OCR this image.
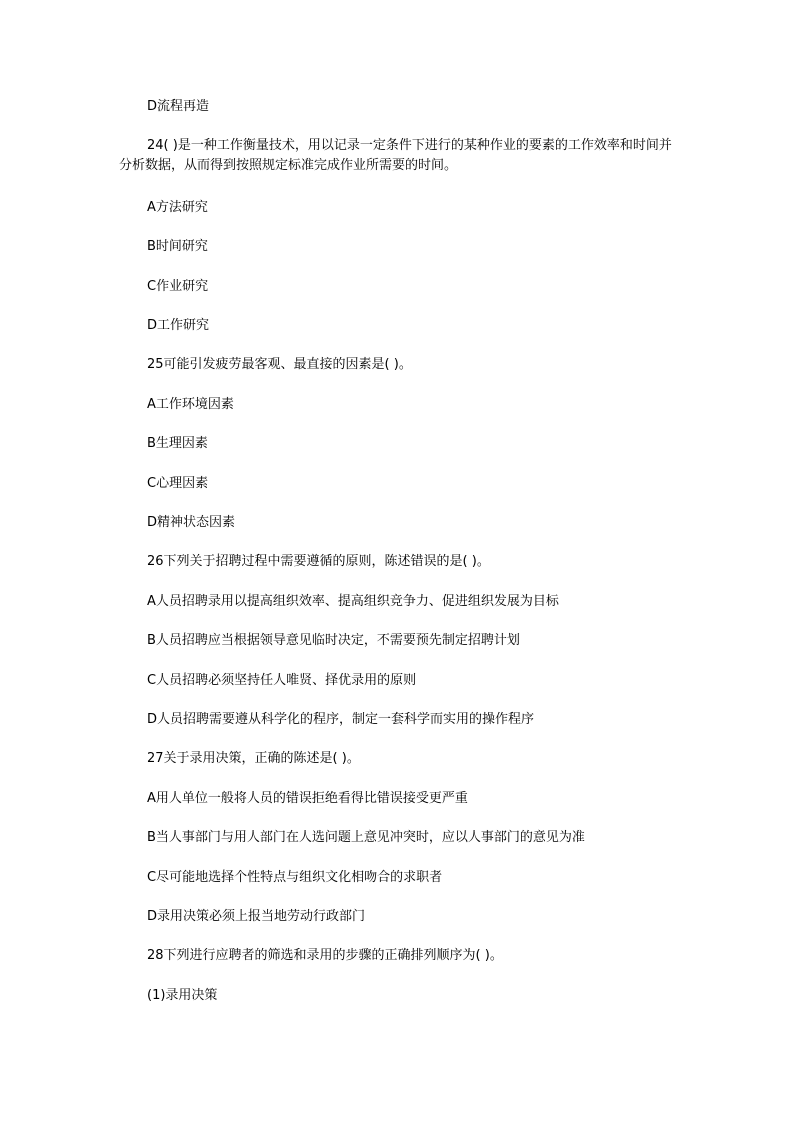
D流程再造
24( )是一种工作衡量技术，用以记录一定条件下进行的某种作业的要素的工作效率和时间并分析数据，从而得到按照规定标准完成作业所需要的时间。
A方法研究
B时间研究
C作业研究
D工作研究
25可能引发疲劳最客观、最直接的因素是( )。
A工作环境因素
B生理因素
C心理因素
D精神状态因素
26下列关于招聘过程中需要遵循的原则，陈述错误的是( )。
A人员招聘录用以提高组织效率、提高组织竞争力、促进组织发展为目标
B人员招聘应当根据领导意见临时决定，不需要预先制定招聘计划
C人员招聘必须坚持任人唯贤、择优录用的原则
D人员招聘需要遵从科学化的程序，制定一套科学而实用的操作程序
27关于录用决策，正确的陈述是( )。
A用人单位一般将人员的错误拒绝看得比错误接受更严重
B当人事部门与用人部门在人选问题上意见冲突时，应以人事部门的意见为准
C尽可能地选择个性特点与组织文化相吻合的求职者
D录用决策必须上报当地劳动行政部门
28下列进行应聘者的筛选和录用的步骤的正确排列顺序为( )。
(1)录用决策
